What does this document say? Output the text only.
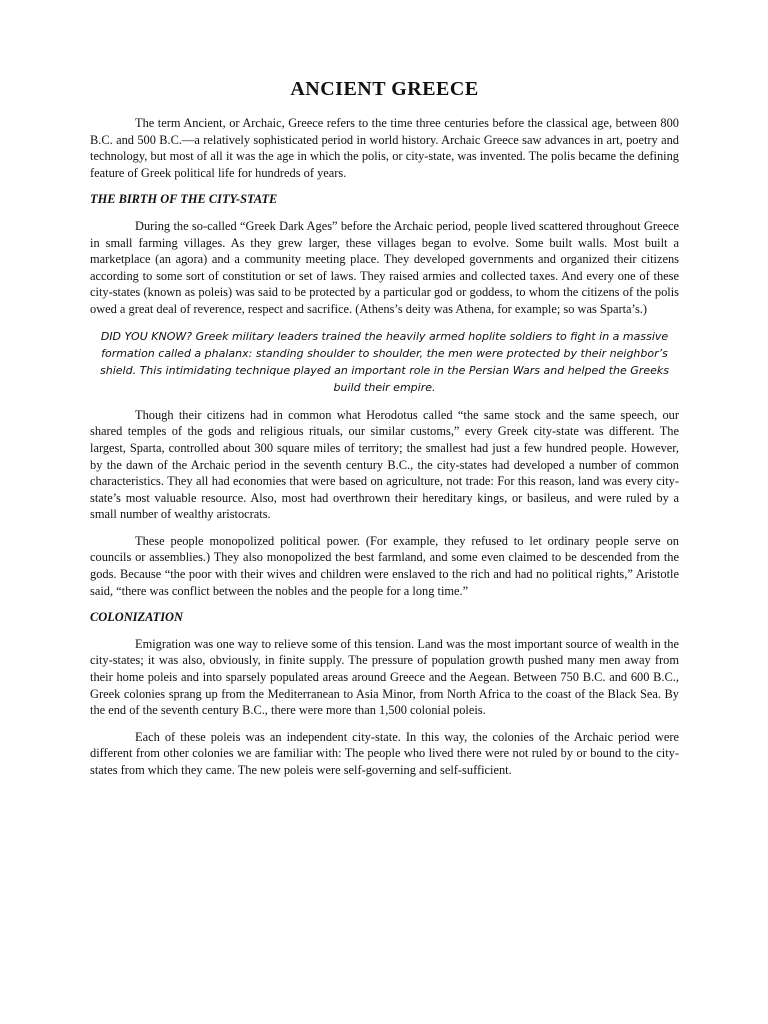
ANCIENT GREECE

The term Ancient, or Archaic, Greece refers to the time three centuries before the classical age, between 800 B.C. and 500 B.C.—a relatively sophisticated period in world history. Archaic Greece saw advances in art, poetry and technology, but most of all it was the age in which the polis, or city-state, was invented. The polis became the defining feature of Greek political life for hundreds of years.

THE BIRTH OF THE CITY-STATE

During the so-called “Greek Dark Ages” before the Archaic period, people lived scattered throughout Greece in small farming villages. As they grew larger, these villages began to evolve. Some built walls. Most built a marketplace (an agora) and a community meeting place. They developed governments and organized their citizens according to some sort of constitution or set of laws. They raised armies and collected taxes. And every one of these city-states (known as poleis) was said to be protected by a particular god or goddess, to whom the citizens of the polis owed a great deal of reverence, respect and sacrifice. (Athens’s deity was Athena, for example; so was Sparta’s.)

DID YOU KNOW? Greek military leaders trained the heavily armed hoplite soldiers to fight in a massive formation called a phalanx: standing shoulder to shoulder, the men were protected by their neighbor’s shield. This intimidating technique played an important role in the Persian Wars and helped the Greeks build their empire.

Though their citizens had in common what Herodotus called “the same stock and the same speech, our shared temples of the gods and religious rituals, our similar customs,” every Greek city-state was different. The largest, Sparta, controlled about 300 square miles of territory; the smallest had just a few hundred people. However, by the dawn of the Archaic period in the seventh century B.C., the city-states had developed a number of common characteristics. They all had economies that were based on agriculture, not trade: For this reason, land was every city-state’s most valuable resource. Also, most had overthrown their hereditary kings, or basileus, and were ruled by a small number of wealthy aristocrats.

These people monopolized political power. (For example, they refused to let ordinary people serve on councils or assemblies.) They also monopolized the best farmland, and some even claimed to be descended from the gods. Because “the poor with their wives and children were enslaved to the rich and had no political rights,” Aristotle said, “there was conflict between the nobles and the people for a long time.”

COLONIZATION

Emigration was one way to relieve some of this tension. Land was the most important source of wealth in the city-states; it was also, obviously, in finite supply. The pressure of population growth pushed many men away from their home poleis and into sparsely populated areas around Greece and the Aegean. Between 750 B.C. and 600 B.C., Greek colonies sprang up from the Mediterranean to Asia Minor, from North Africa to the coast of the Black Sea. By the end of the seventh century B.C., there were more than 1,500 colonial poleis.

Each of these poleis was an independent city-state. In this way, the colonies of the Archaic period were different from other colonies we are familiar with: The people who lived there were not ruled by or bound to the city-states from which they came. The new poleis were self-governing and self-sufficient.
